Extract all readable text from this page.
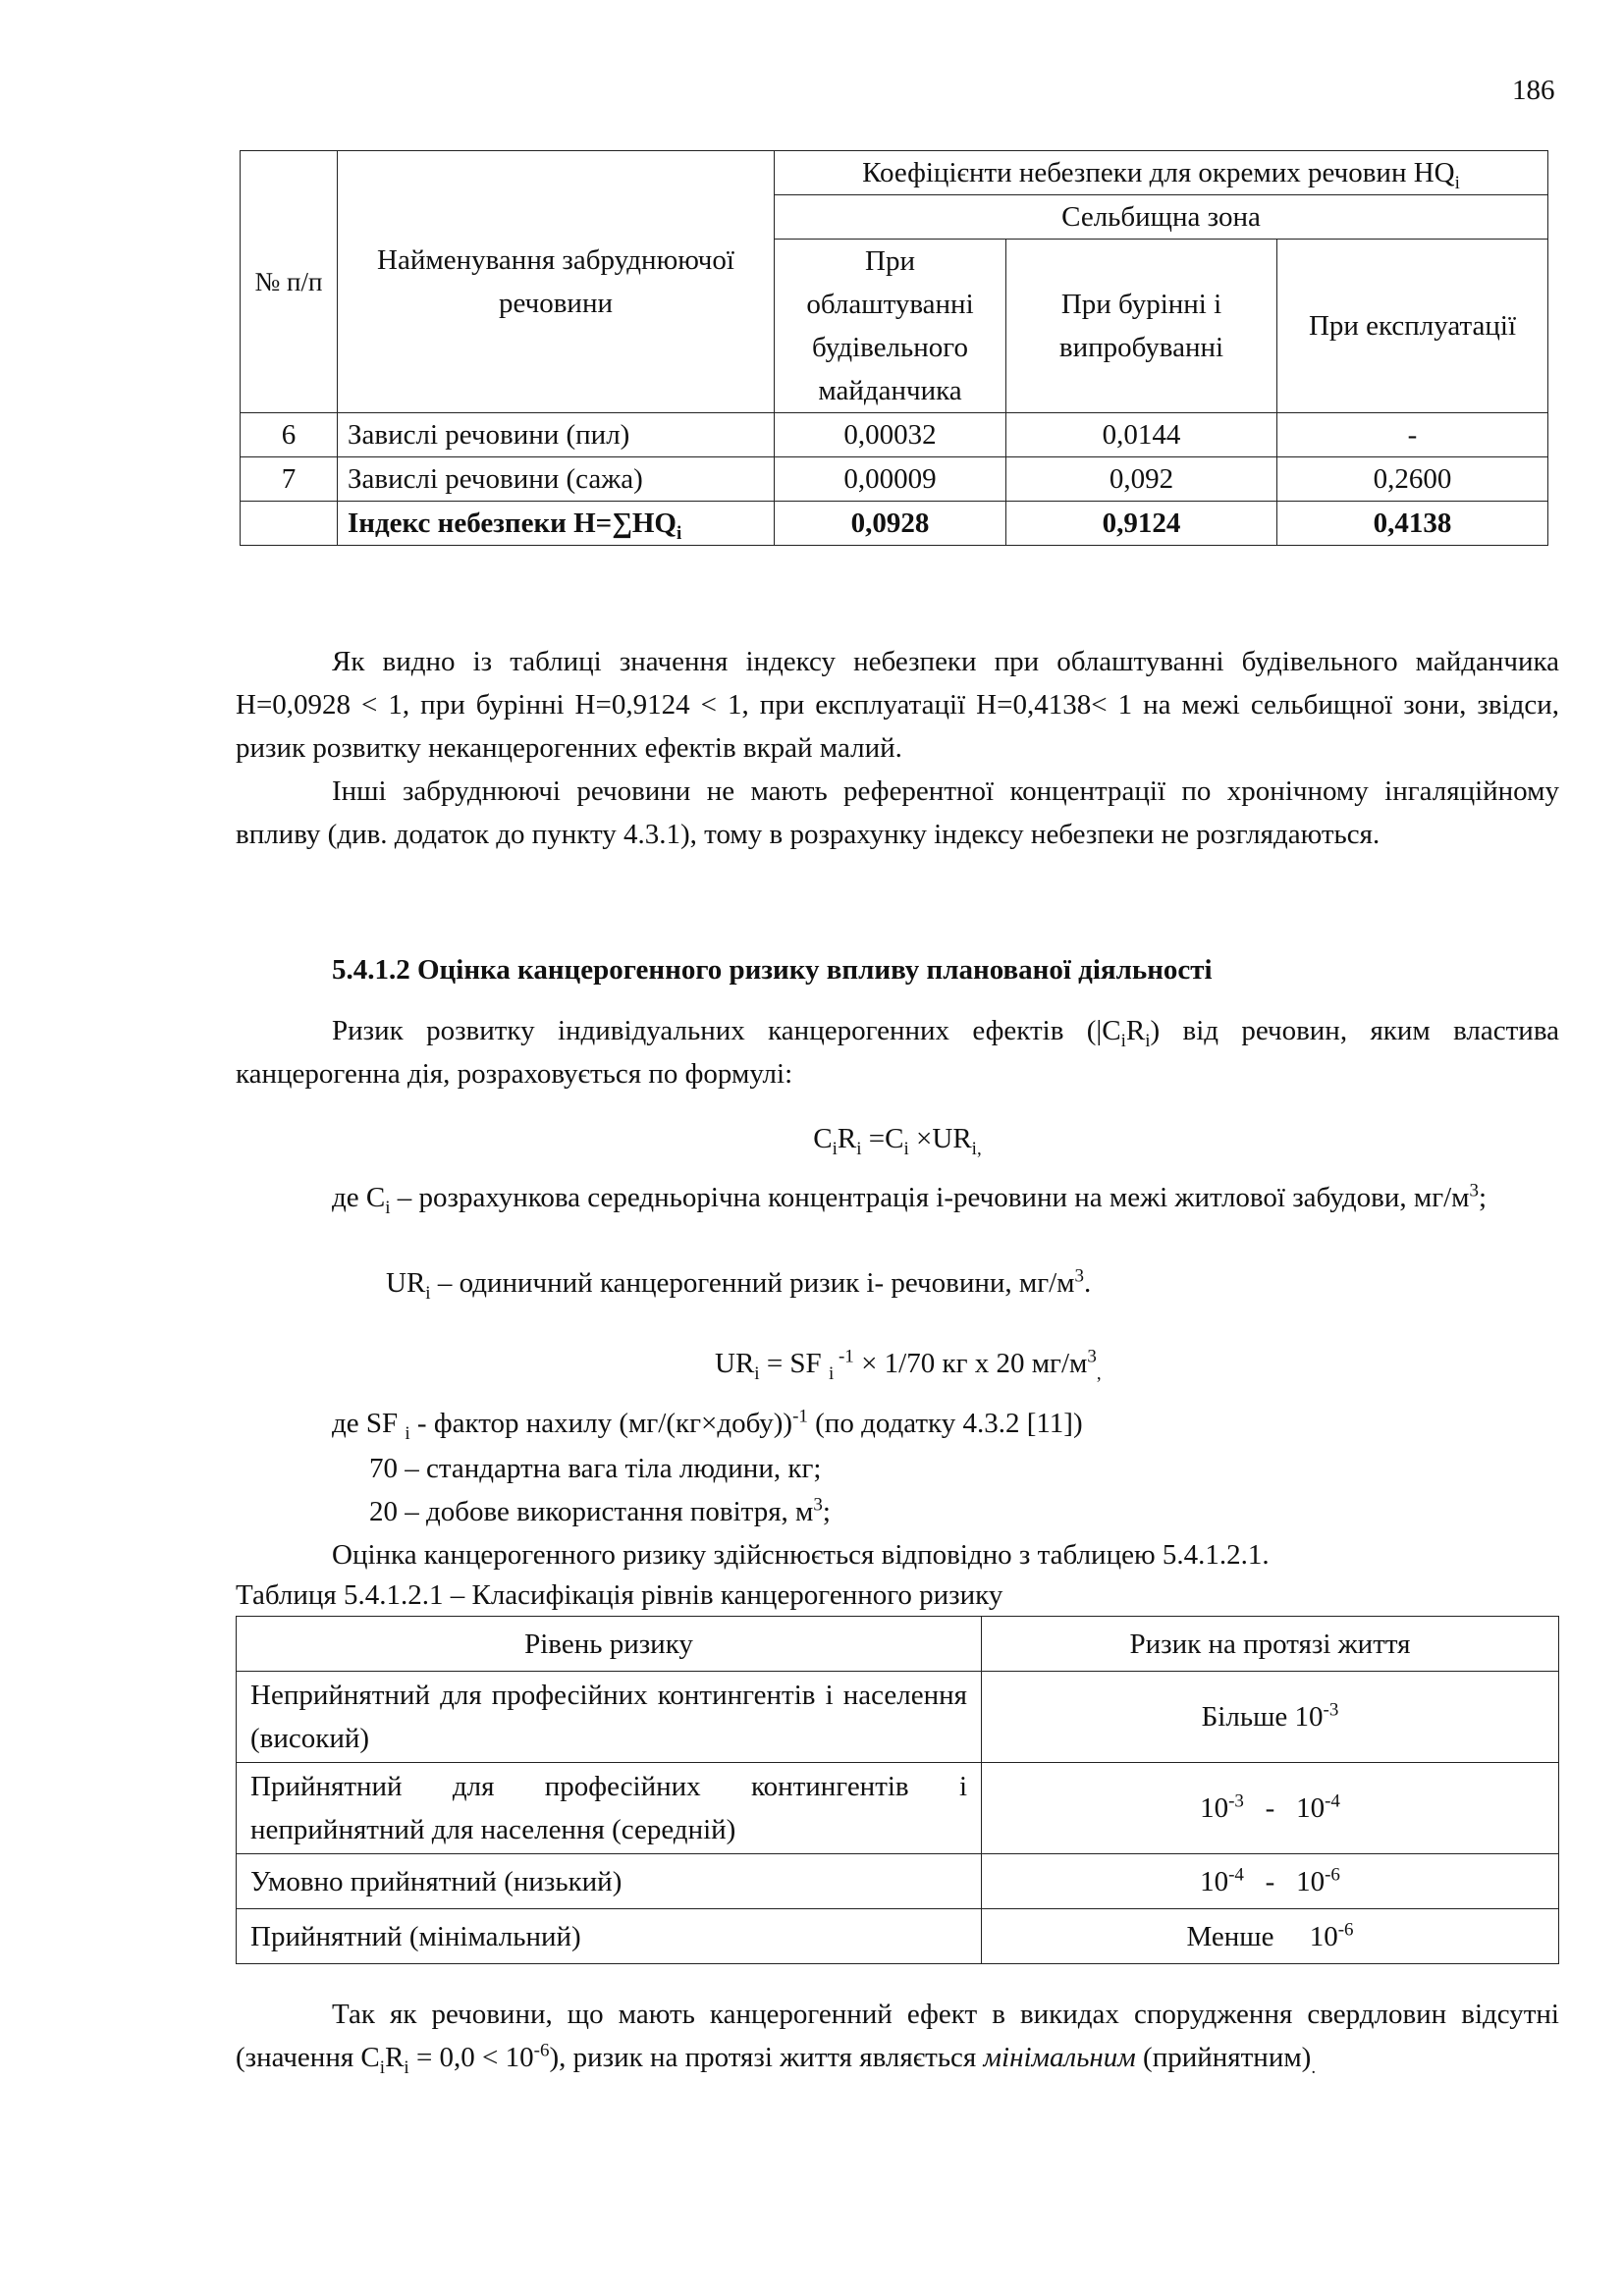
186
№ п/п	Найменування забруднюючої речовини	Коефіцієнти небезпеки для окремих речовин $HQ_i$
		Сельбищна зона		
		При облаштуванні будівельного майданчика	При бурінні і випробуванні	При експлуатації
6	Завислі речовини (пил)	0,00032	0,0144	-
7	Завислі речовини (сажа)	0,00009	0,092	0,2600
	Індекс небезпеки $H=\sum HQ_i$	0,0928	0,9124	0,4138

Як видно із таблиці значення індексу небезпеки при облаштуванні будівельного майданчика H=0,0928 < 1, при бурінні H=0,9124 < 1, при експлуатації H=0,4138< 1 на межі сельбищної зони, звідси, ризик розвитку неканцерогенних ефектів вкрай малий.

Інші забруднюючі речовини не мають референтної концентрації по хронічному інгаляційному впливу (див. додаток до пункту 4.3.1), тому в розрахунку індексу небезпеки не розглядаються.

5.4.1.2 Оцінка канцерогенного ризику впливу планованої діяльності

Ризик розвитку індивідуальних канцерогенних ефектів $(|C_iR_i)$ від речовин, яким властива канцерогенна дія, розраховується по формулі:

$C_iR_i =C_i \times UR_{i,}$

де $C_i$ – розрахункова середньорічна концентрація і-речовини на межі житлової забудови, $мг/м^3$;

$UR_i$ – одиничний канцерогенний ризик і- речовини, $мг/м^3$.

$UR_i$ = SF $_i$ $^{-1}$ × 1/70 кг х 20 $мг/м^3_,$

де SF $_i$ - фактор нахилу (мг/(кг×добу))$^{-1}$ (по додатку 4.3.2 [11])

70 – стандартна вага тіла людини, кг;

20 – добове використання повітря, $м^3$;

Оцінка канцерогенного ризику здійснюється відповідно з таблицею 5.4.1.2.1.

Таблиця 5.4.1.2.1 – Класифікація рівнів канцерогенного ризику

Рівень ризику	Ризик на протязі життя
Неприйнятний для професійних контингентів і населення (високий)	Більше $10^{-3}$
Прийнятний для професійних контингентів і неприйнятний для населення (середній)	$10^{-3} - 10^{-4}$
Умовно прийнятний (низький)	$10^{-4} - 10^{-6}$
Прийнятний (мінімальний)	Менше     $10^{-6}$

Так як речовини, що мають канцерогенний ефект в викидах спорудження свердловин відсутні (значення $C_iR_i = 0,0 < 10^{-6}$), ризик на протязі життя являється мінімальним $(прийнятним)_.$
